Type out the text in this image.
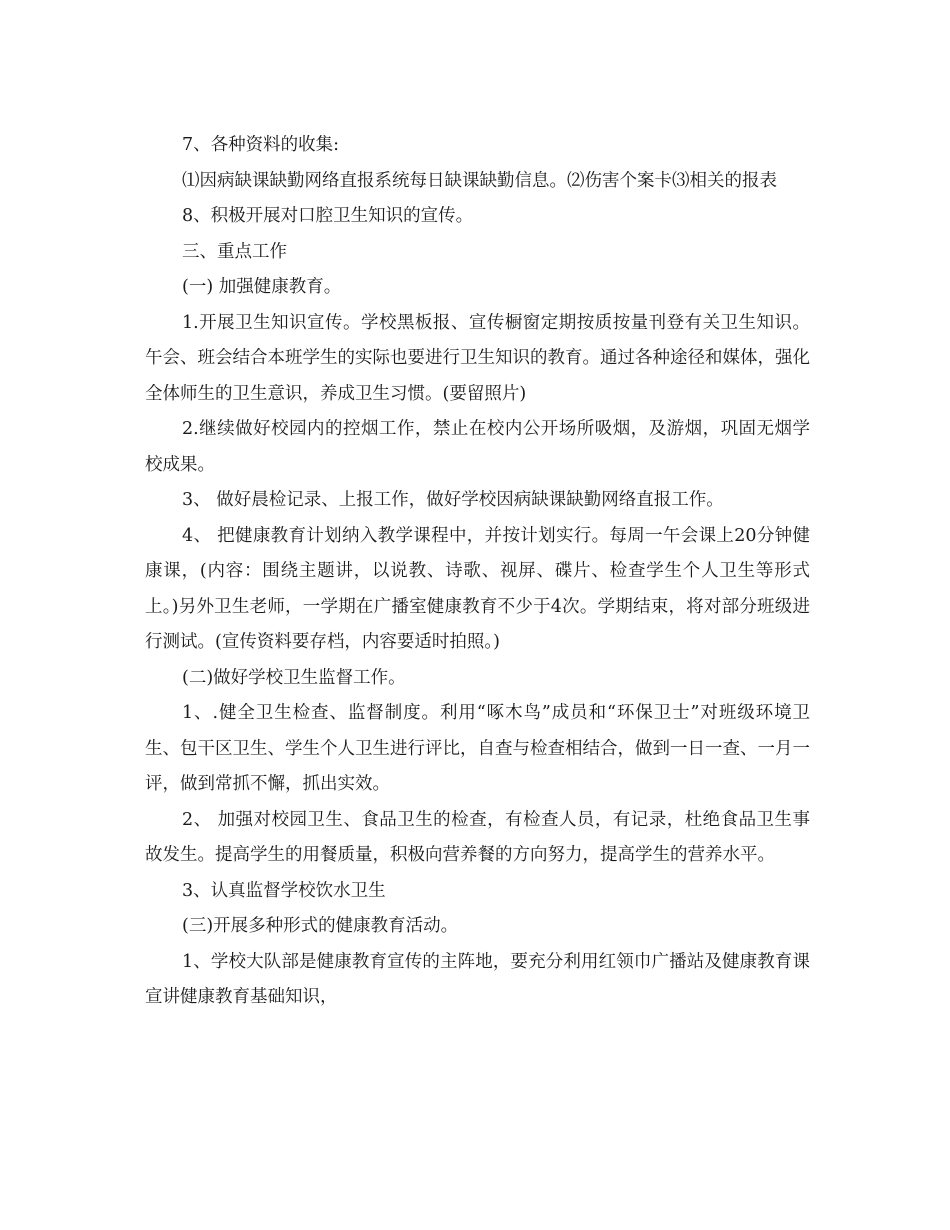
7、各种资料的收集:

⑴因病缺课缺勤网络直报系统每日缺课缺勤信息。⑵伤害个案卡⑶相关的报表

8、积极开展对口腔卫生知识的宣传。

三、重点工作

(一) 加强健康教育。

1.开展卫生知识宣传。学校黑板报、宣传橱窗定期按质按量刊登有关卫生知识。午会、班会结合本班学生的实际也要进行卫生知识的教育。通过各种途径和媒体，强化全体师生的卫生意识，养成卫生习惯。(要留照片)

2.继续做好校园内的控烟工作，禁止在校内公开场所吸烟，及游烟，巩固无烟学校成果。

3、 做好晨检记录、上报工作，做好学校因病缺课缺勤网络直报工作。

4、 把健康教育计划纳入教学课程中，并按计划实行。每周一午会课上20分钟健康课，(内容：围绕主题讲，以说教、诗歌、视屏、碟片、检查学生个人卫生等形式上。)另外卫生老师，一学期在广播室健康教育不少于4次。学期结束，将对部分班级进行测试。(宣传资料要存档，内容要适时拍照。)

(二)做好学校卫生监督工作。

1、.健全卫生检查、监督制度。利用“啄木鸟”成员和“环保卫士”对班级环境卫生、包干区卫生、学生个人卫生进行评比，自查与检查相结合，做到一日一查、一月一评，做到常抓不懈，抓出实效。

2、 加强对校园卫生、食品卫生的检查，有检查人员，有记录，杜绝食品卫生事故发生。提高学生的用餐质量，积极向营养餐的方向努力，提高学生的营养水平。

3、认真监督学校饮水卫生

(三)开展多种形式的健康教育活动。

1、学校大队部是健康教育宣传的主阵地，要充分利用红领巾广播站及健康教育课宣讲健康教育基础知识，
